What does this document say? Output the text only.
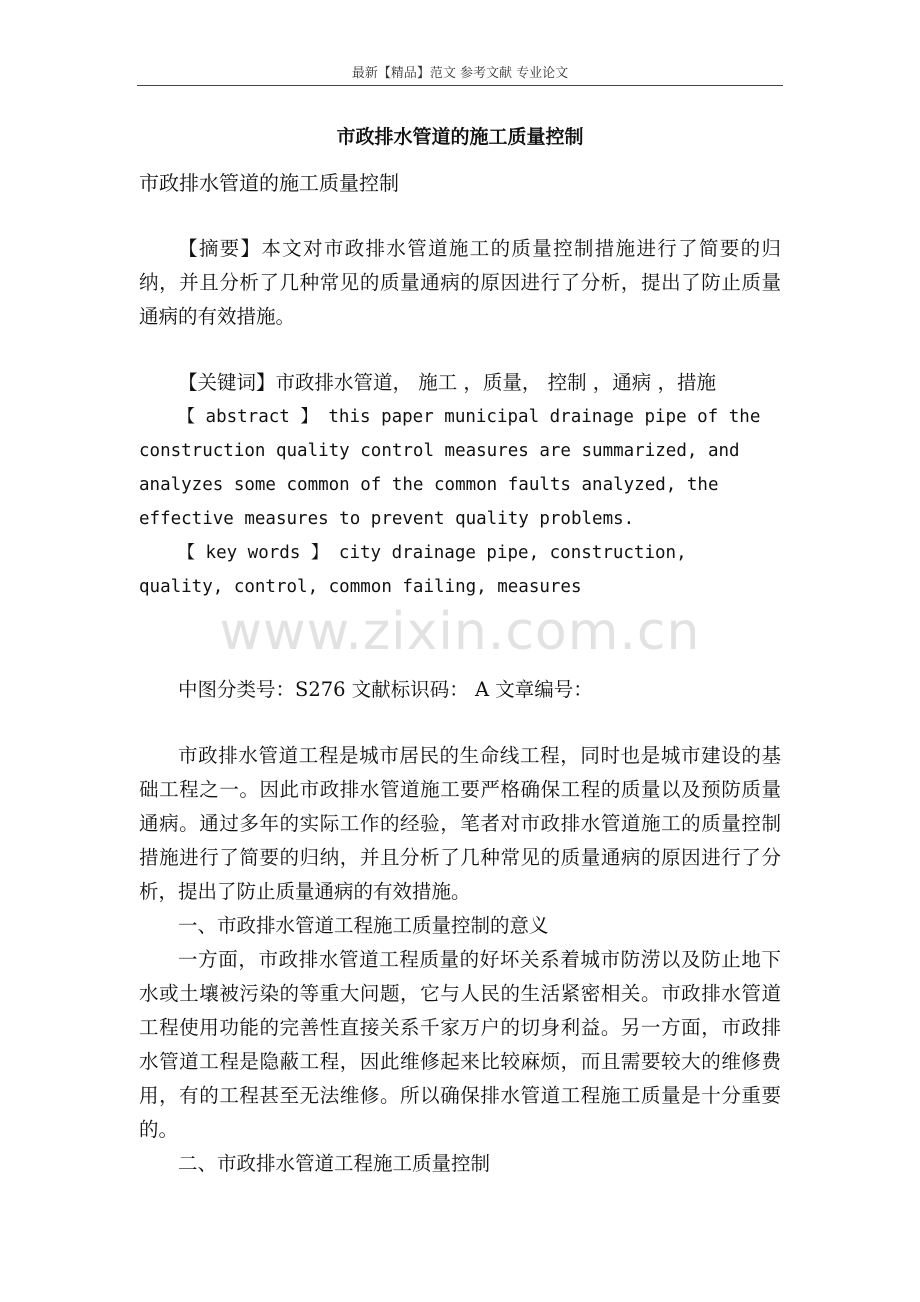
最新【精品】范文 参考文献 专业论文
市政排水管道的施工质量控制
市政排水管道的施工质量控制

【摘要】本文对市政排水管道施工的质量控制措施进行了简要的归纳，并且分析了几种常见的质量通病的原因进行了分析，提出了防止质量通病的有效措施。

【关键词】市政排水管道， 施工 ，质量， 控制 ，通病 ，措施

【 abstract 】 this paper municipal drainage pipe of the
construction quality control measures are summarized, and
analyzes some common of the common faults analyzed, the
effective measures to prevent quality problems.
【 key words 】 city drainage pipe, construction,
quality, control, common failing, measures
www.zixin.com.cn

中图分类号：S276 文献标识码： A 文章编号：

市政排水管道工程是城市居民的生命线工程，同时也是城市建设的基础工程之一。因此市政排水管道施工要严格确保工程的质量以及预防质量通病。通过多年的实际工作的经验，笔者对市政排水管道施工的质量控制措施进行了简要的归纳，并且分析了几种常见的质量通病的原因进行了分析，提出了防止质量通病的有效措施。

一、市政排水管道工程施工质量控制的意义

一方面，市政排水管道工程质量的好坏关系着城市防涝以及防止地下水或土壤被污染的等重大问题，它与人民的生活紧密相关。市政排水管道工程使用功能的完善性直接关系千家万户的切身利益。另一方面，市政排水管道工程是隐蔽工程，因此维修起来比较麻烦，而且需要较大的维修费用，有的工程甚至无法维修。所以确保排水管道工程施工质量是十分重要的。

二、市政排水管道工程施工质量控制
